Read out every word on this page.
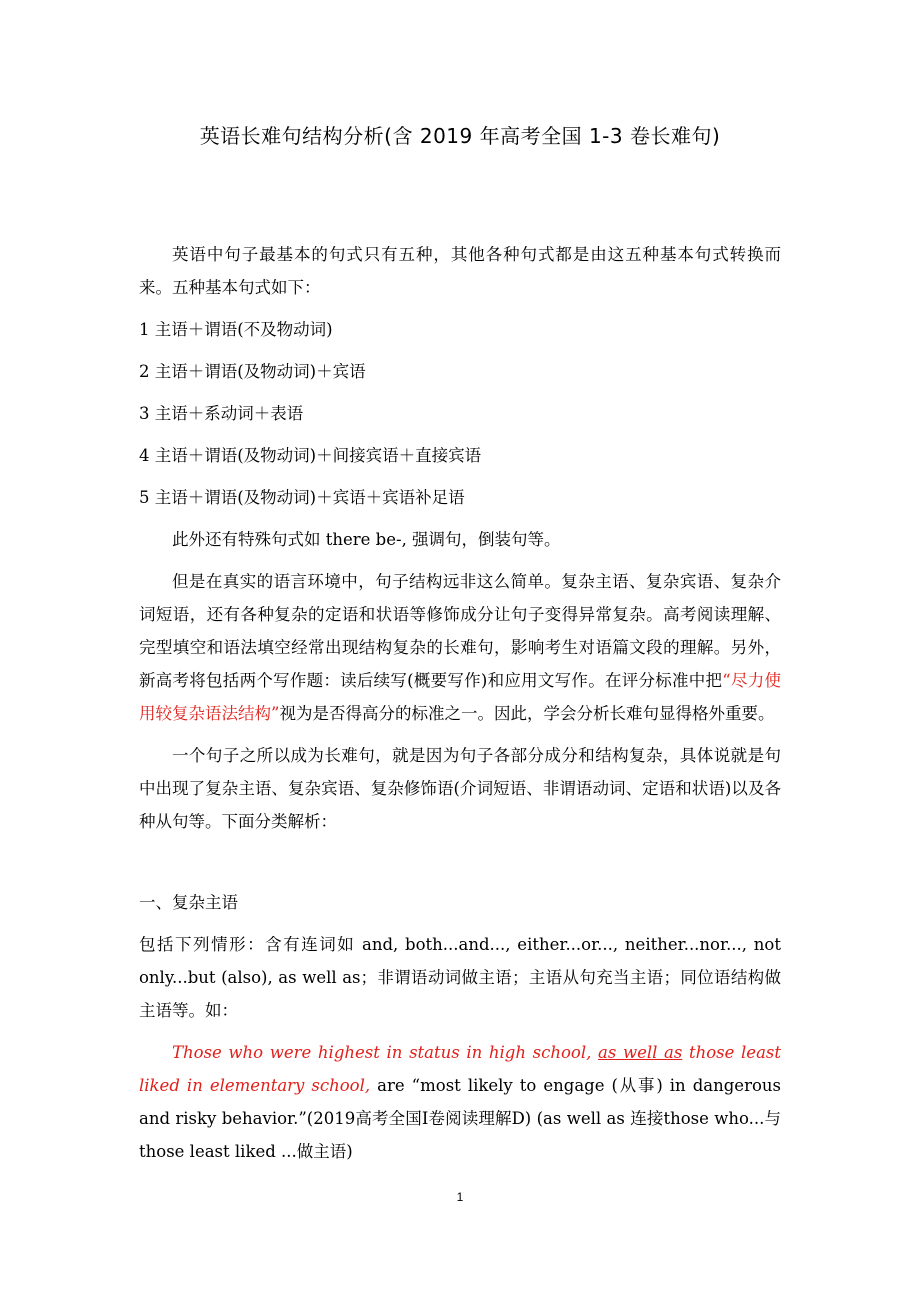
英语长难句结构分析(含 2019 年高考全国 1-3 卷长难句)

英语中句子最基本的句式只有五种，其他各种句式都是由这五种基本句式转换而来。五种基本句式如下：

1 主语＋谓语(不及物动词)

2 主语＋谓语(及物动词)＋宾语

3 主语＋系动词＋表语

4 主语＋谓语(及物动词)＋间接宾语＋直接宾语

5 主语＋谓语(及物动词)＋宾语＋宾语补足语

此外还有特殊句式如 there be-, 强调句，倒装句等。

但是在真实的语言环境中，句子结构远非这么简单。复杂主语、复杂宾语、复杂介词短语，还有各种复杂的定语和状语等修饰成分让句子变得异常复杂。高考阅读理解、完型填空和语法填空经常出现结构复杂的长难句，影响考生对语篇文段的理解。另外，新高考将包括两个写作题：读后续写(概要写作)和应用文写作。在评分标准中把“尽力使用较复杂语法结构”视为是否得高分的标准之一。因此，学会分析长难句显得格外重要。

一个句子之所以成为长难句，就是因为句子各部分成分和结构复杂，具体说就是句中出现了复杂主语、复杂宾语、复杂修饰语(介词短语、非谓语动词、定语和状语)以及各种从句等。下面分类解析：

一、复杂主语

包括下列情形：含有连词如 and, both...and..., either...or..., neither...nor..., not only...but (also), as well as；非谓语动词做主语；主语从句充当主语；同位语结构做主语等。如：

Those who were highest in status in high school, as well as those least liked in elementary school, are “most likely to engage (从事) in dangerous and risky behavior.”(2019高考全国Ⅰ卷阅读理解D) (as well as 连接those who...与those least liked ...做主语)

1
